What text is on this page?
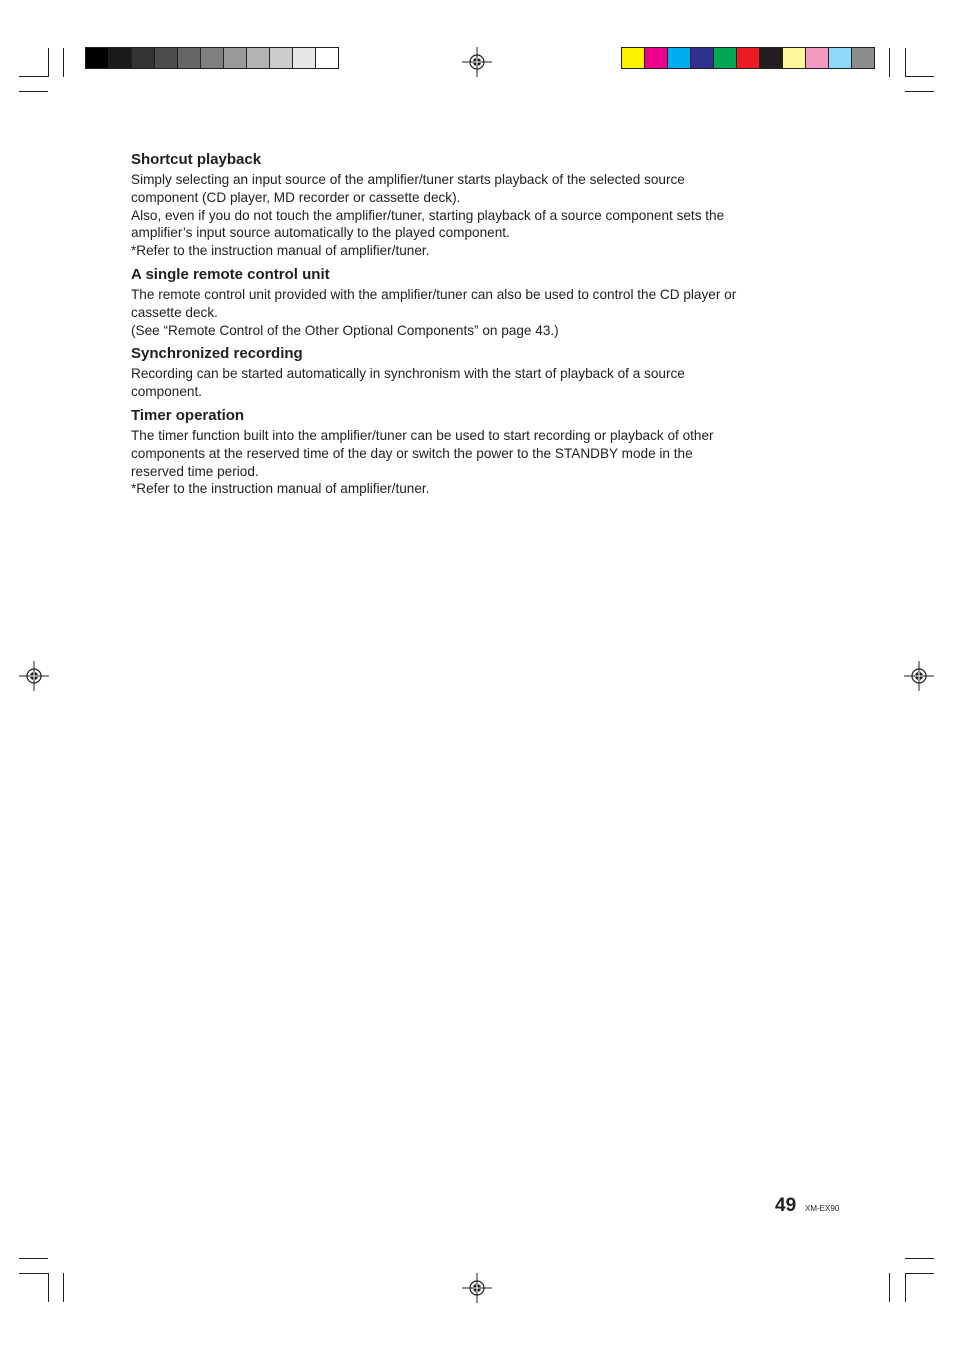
Shortcut playback

Simply selecting an input source of the amplifier/tuner starts playback of the selected source

component (CD player, MD recorder or cassette deck).

Also, even if you do not touch the amplifier/tuner, starting playback of a source component sets the

amplifier’s input source automatically to the played component.

*Refer to the instruction manual of amplifier/tuner.

A single remote control unit

The remote control unit provided with the amplifier/tuner can also be used to control the CD player or

cassette deck.

(See “Remote Control of the Other Optional Components” on page 43.)

Synchronized recording

Recording can be started automatically in synchronism with the start of playback of a source

component.

Timer operation

The timer function built into the amplifier/tuner can be used to start recording or playback of other

components at the reserved time of the day or switch the power to the STANDBY mode in the

reserved time period.

*Refer to the instruction manual of amplifier/tuner.

49 XM-EX90
